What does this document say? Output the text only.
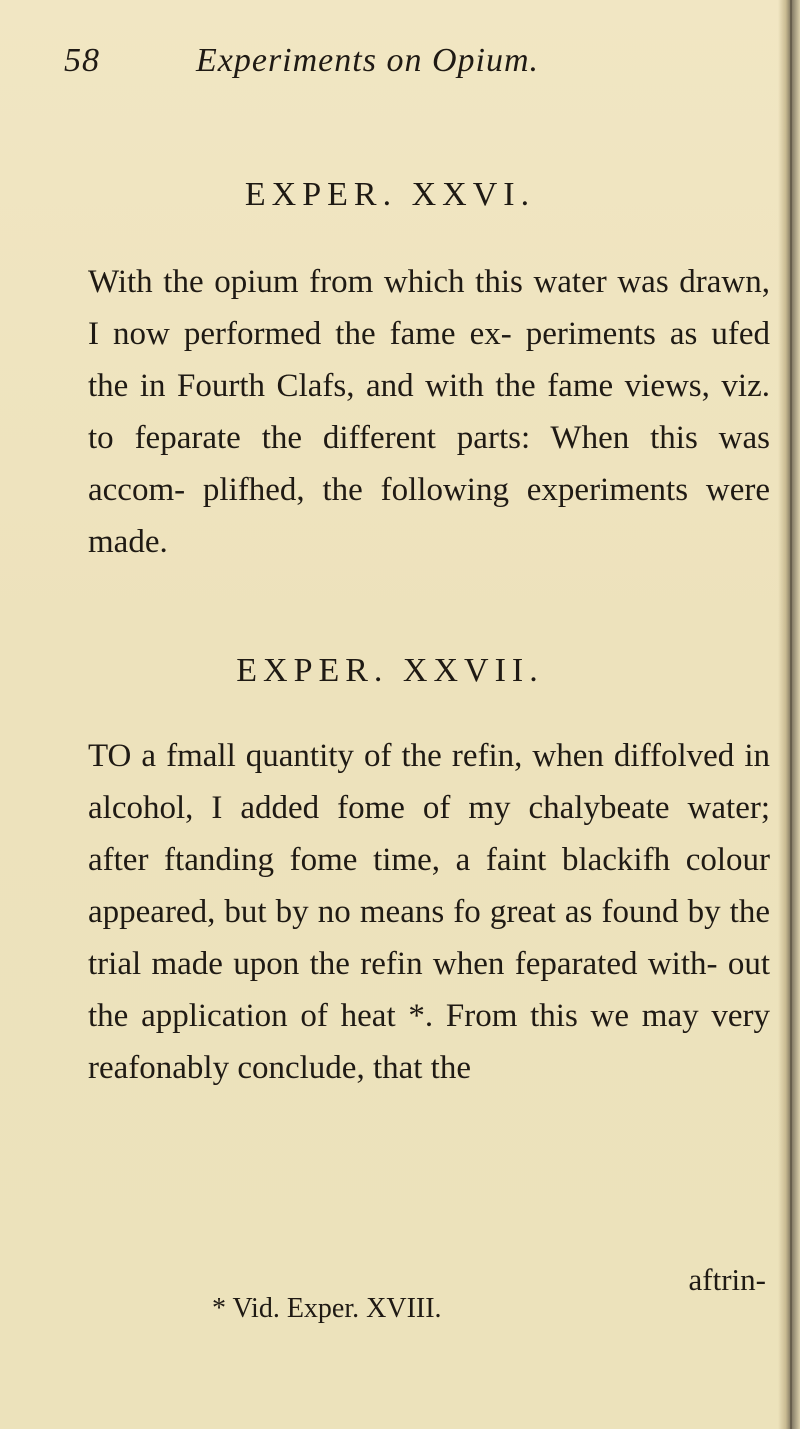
58	Experiments on Opium.
EXPER. XXVI.
With the opium from which this water was drawn, I now performed the fame ex- periments as ufed the in Fourth Clafs, and with the fame views, viz. to feparate the different parts: When this was accom- plifhed, the following experiments were made.
EXPER. XXVII.
TO a fmall quantity of the refin, when diffolved in alcohol, I added fome of my chalybeate water; after ftanding fome time, a faint blackifh colour appeared, but by no means fo great as found by the trial made upon the refin when feparated with- out the application of heat *. From this we may very reafonably conclude, that the
aftrin-
* Vid. Exper. XVIII.
